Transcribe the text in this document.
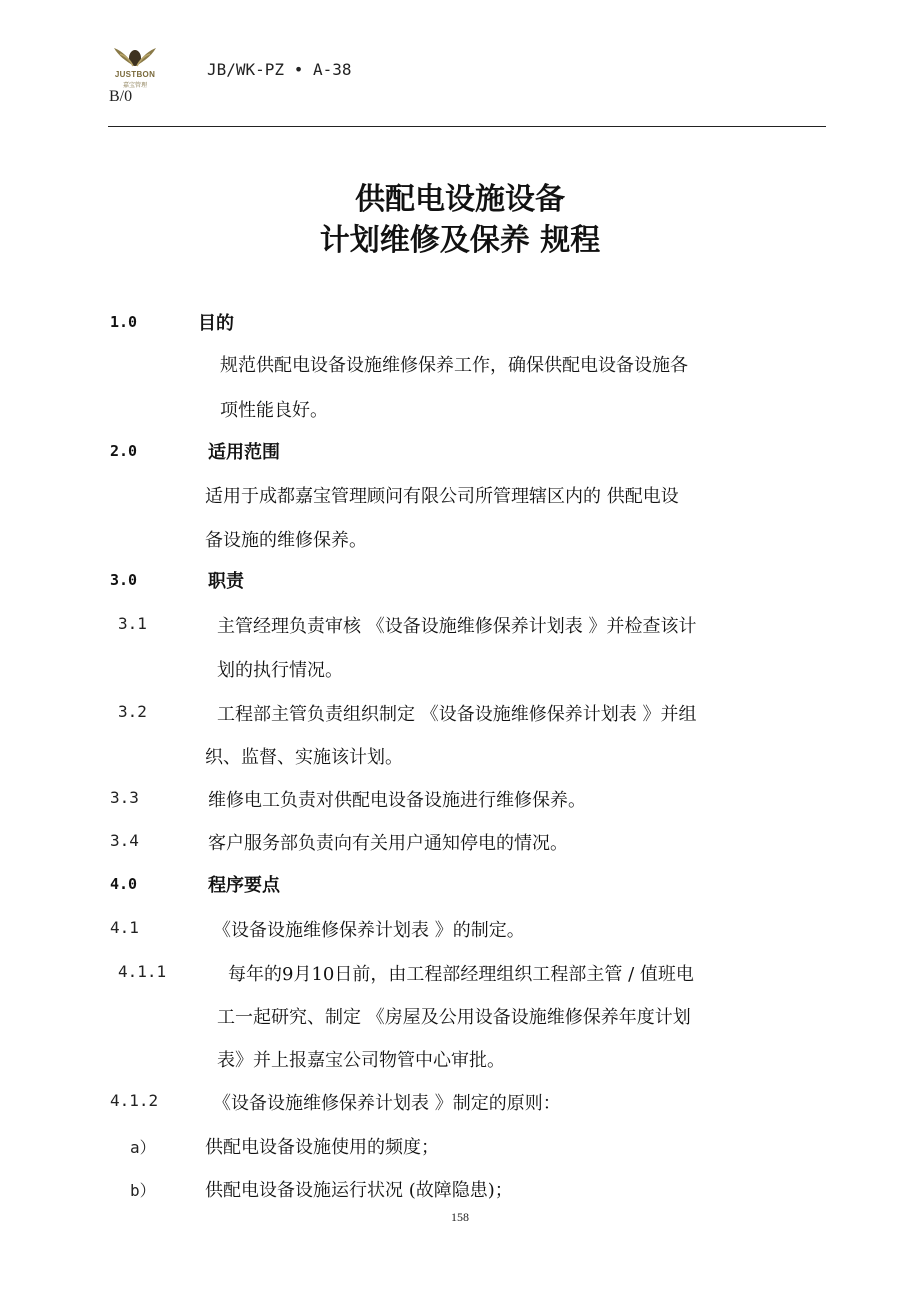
JUSTBON
嘉宝管理
JB/WK-PZ • A-38
B/0
供配电设施设备
计划维修及保养 规程
1.0	目的
规范供配电设备设施维修保养工作，确保供配电设备设施各
项性能良好。
2.0	适用范围
适用于成都嘉宝管理顾问有限公司所管理辖区内的 供配电设
备设施的维修保养。
3.0	职责
3.1	主管经理负责审核 《设备设施维修保养计划表 》并检查该计
划的执行情况。
3.2	工程部主管负责组织制定 《设备设施维修保养计划表 》并组
织、监督、实施该计划。
3.3	维修电工负责对供配电设备设施进行维修保养。
3.4	客户服务部负责向有关用户通知停电的情况。
4.0	程序要点
4.1	《设备设施维修保养计划表 》的制定。
4.1.1	每年的9月10日前，由工程部经理组织工程部主管 / 值班电
工一起研究、制定 《房屋及公用设备设施维修保养年度计划
表》并上报嘉宝公司物管中心审批。
4.1.2	《设备设施维修保养计划表 》制定的原则：
a）	供配电设备设施使用的频度；
b）	供配电设备设施运行状况 (故障隐患)；
158
